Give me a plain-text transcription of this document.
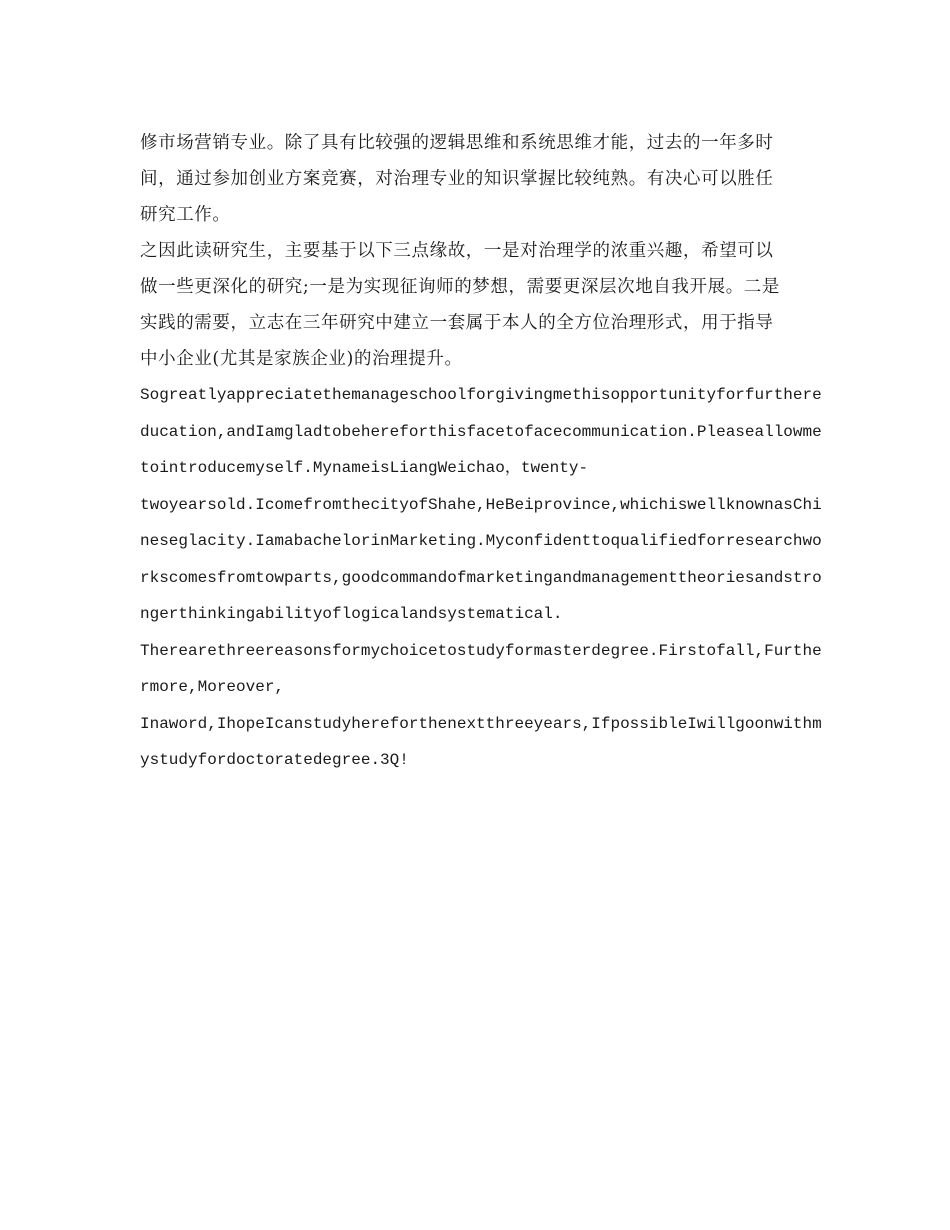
修市场营销专业。除了具有比较强的逻辑思维和系统思维才能，过去的一年多时
间，通过参加创业方案竞赛，对治理专业的知识掌握比较纯熟。有决心可以胜任
研究工作。

之因此读研究生，主要基于以下三点缘故，一是对治理学的浓重兴趣，希望可以
做一些更深化的研究;一是为实现征询师的梦想，需要更深层次地自我开展。二是
实践的需要，立志在三年研究中建立一套属于本人的全方位治理形式，用于指导
中小企业(尤其是家族企业)的治理提升。

Sogreatlyappreciatethemanageschoolforgivingmethisopportunityforfurthere
ducation,andIamgladtobehereforthisfacetofacecommunication.Pleaseallowme
tointroducemyself.MynameisLiangWeichao，twenty-

twoyearsold.IcomefromthecityofShahe,HeBeiprovince,whichiswellknownasChi
neseglacity.IamabachelorinMarketing.Myconfidenttoqualifiedforresearchwo
rkscomesfromtowparts,goodcommandofmarketingandmanagementtheoriesandstro
ngerthinkingabilityoflogicalandsystematical.

Therearethreereasonsformychoicetostudyformasterdegree.Firstofall,Furthe
rmore,Moreover,

Inaword,IhopeIcanstudyhereforthenextthreeyears,IfpossibleIwillgoonwithm
ystudyfordoctoratedegree.3Q!
